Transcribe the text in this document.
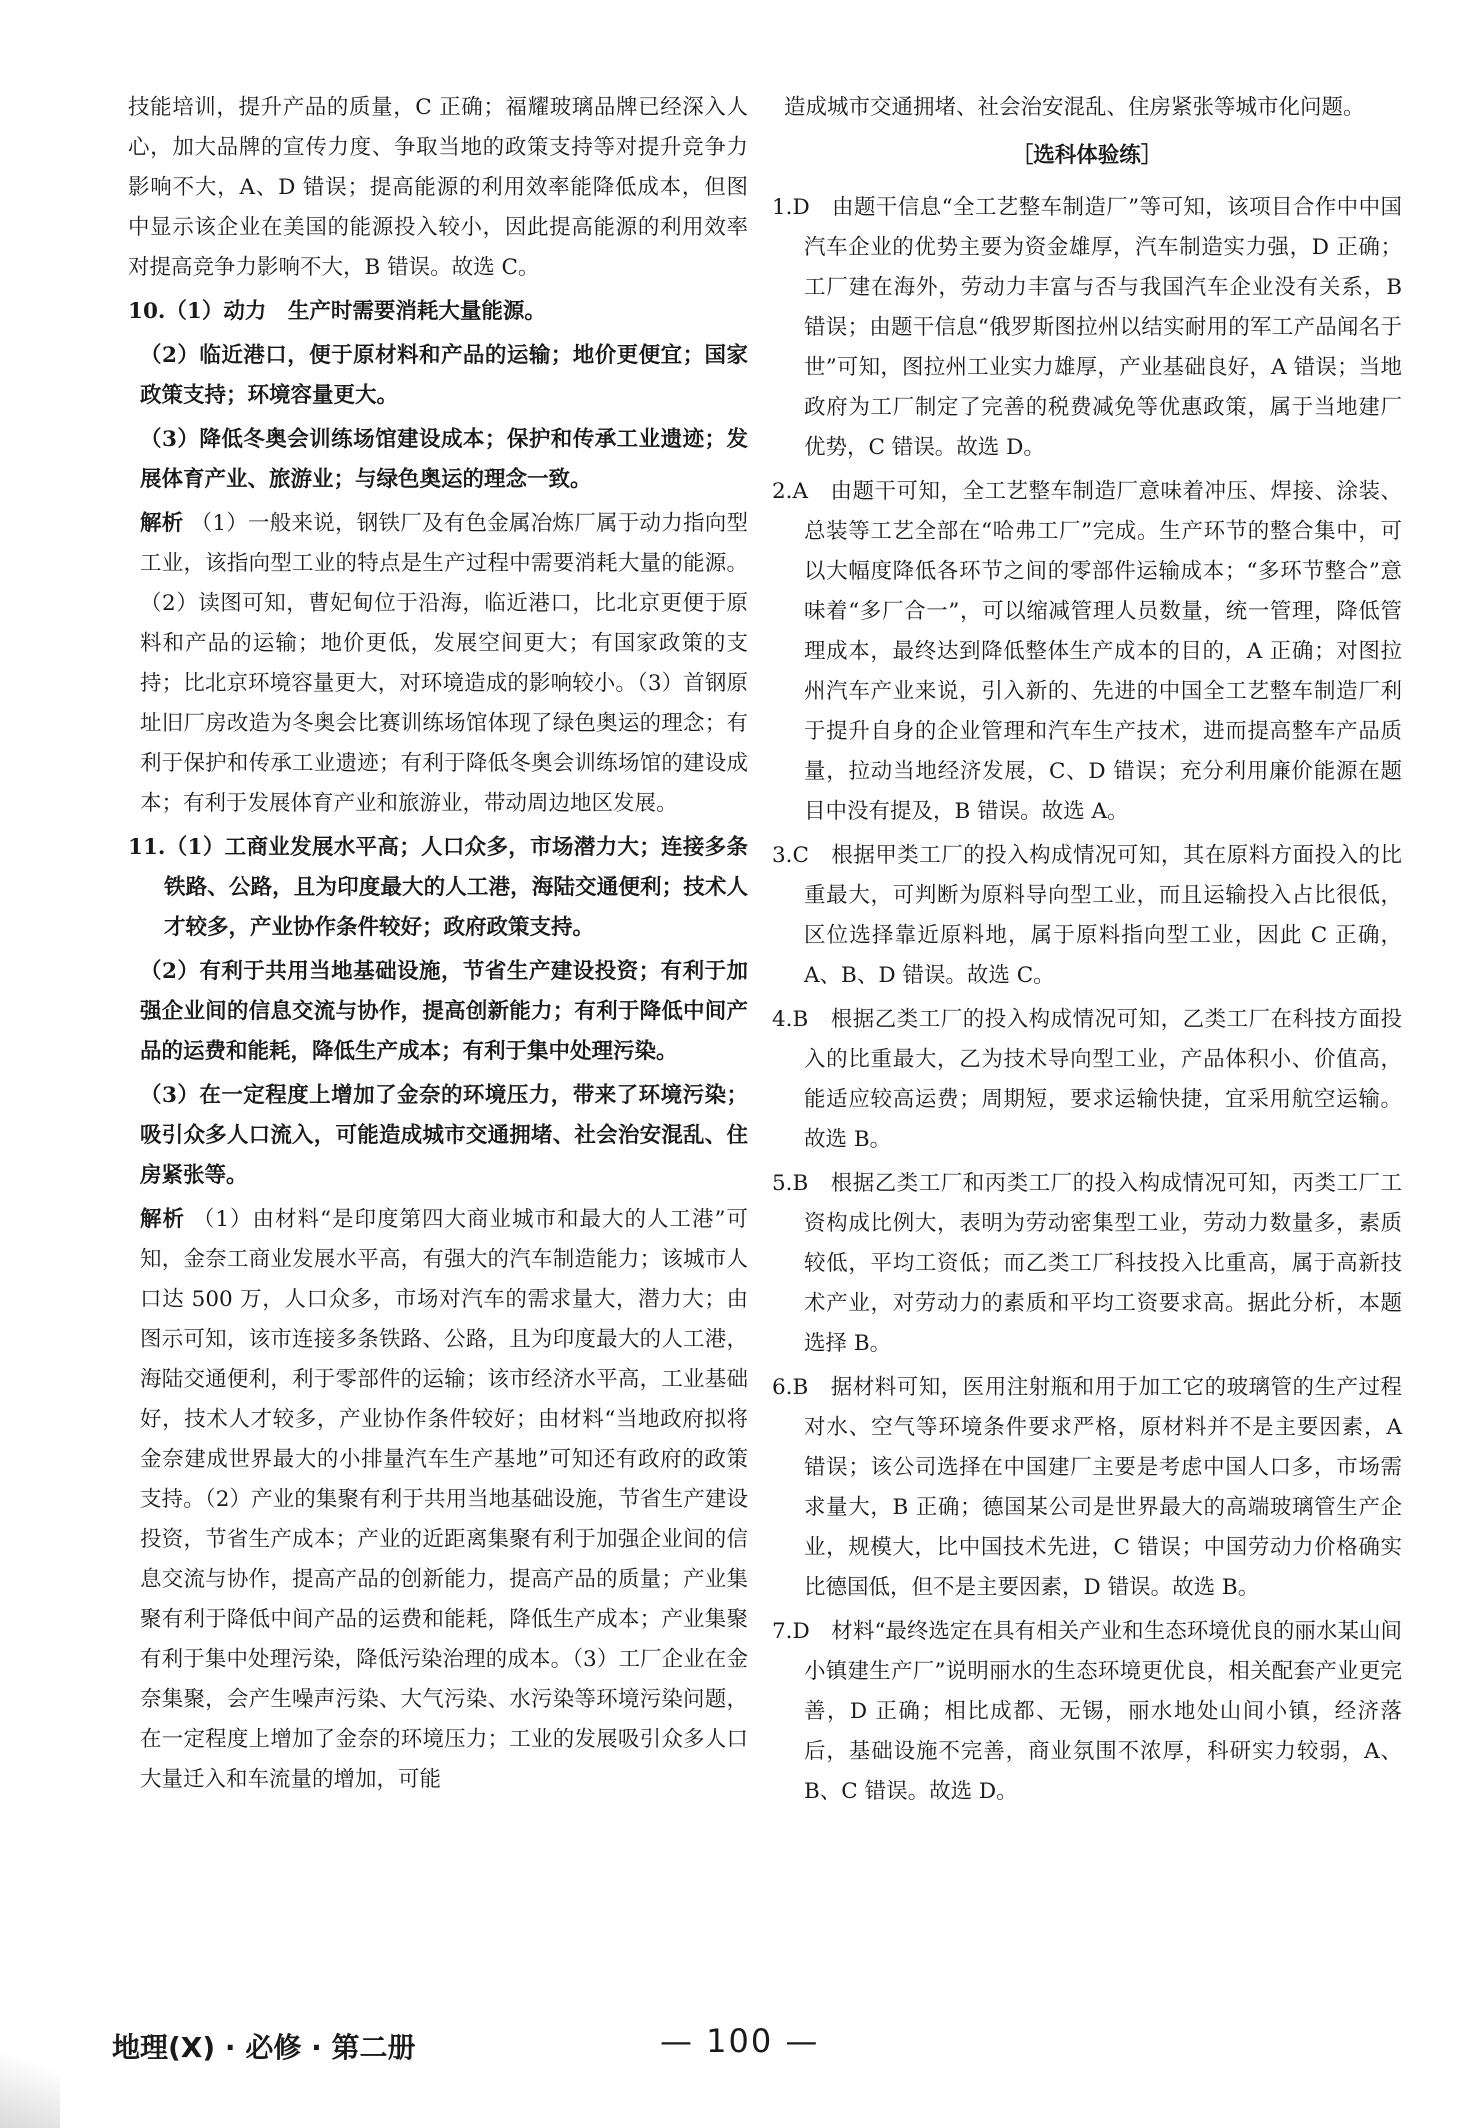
技能培训，提升产品的质量，C 正确；福耀玻璃品牌已经深入人心，加大品牌的宣传力度、争取当地的政策支持等对提升竞争力影响不大，A、D 错误；提高能源的利用效率能降低成本，但图中显示该企业在美国的能源投入较小，因此提高能源的利用效率对提高竞争力影响不大，B 错误。故选 C。
10.（1）动力　生产时需要消耗大量能源。
（2）临近港口，便于原材料和产品的运输；地价更便宜；国家政策支持；环境容量更大。
（3）降低冬奥会训练场馆建设成本；保护和传承工业遗迹；发展体育产业、旅游业；与绿色奥运的理念一致。
解析 （1）一般来说，钢铁厂及有色金属冶炼厂属于动力指向型工业，该指向型工业的特点是生产过程中需要消耗大量的能源。（2）读图可知，曹妃甸位于沿海，临近港口，比北京更便于原料和产品的运输；地价更低，发展空间更大；有国家政策的支持；比北京环境容量更大，对环境造成的影响较小。（3）首钢原址旧厂房改造为冬奥会比赛训练场馆体现了绿色奥运的理念；有利于保护和传承工业遗迹；有利于降低冬奥会训练场馆的建设成本；有利于发展体育产业和旅游业，带动周边地区发展。
11.（1）工商业发展水平高；人口众多，市场潜力大；连接多条铁路、公路，且为印度最大的人工港，海陆交通便利；技术人才较多，产业协作条件较好；政府政策支持。
（2）有利于共用当地基础设施，节省生产建设投资；有利于加强企业间的信息交流与协作，提高创新能力；有利于降低中间产品的运费和能耗，降低生产成本；有利于集中处理污染。
（3）在一定程度上增加了金奈的环境压力，带来了环境污染；吸引众多人口流入，可能造成城市交通拥堵、社会治安混乱、住房紧张等。
解析 （1）由材料“是印度第四大商业城市和最大的人工港”可知，金奈工商业发展水平高，有强大的汽车制造能力；该城市人口达 500 万，人口众多，市场对汽车的需求量大，潜力大；由图示可知，该市连接多条铁路、公路，且为印度最大的人工港，海陆交通便利，利于零部件的运输；该市经济水平高，工业基础好，技术人才较多，产业协作条件较好；由材料“当地政府拟将金奈建成世界最大的小排量汽车生产基地”可知还有政府的政策支持。（2）产业的集聚有利于共用当地基础设施，节省生产建设投资，节省生产成本；产业的近距离集聚有利于加强企业间的信息交流与协作，提高产品的创新能力，提高产品的质量；产业集聚有利于降低中间产品的运费和能耗，降低生产成本；产业集聚有利于集中处理污染，降低污染治理的成本。（3）工厂企业在金奈集聚，会产生噪声污染、大气污染、水污染等环境污染问题，在一定程度上增加了金奈的环境压力；工业的发展吸引众多人口大量迁入和车流量的增加，可能
造成城市交通拥堵、社会治安混乱、住房紧张等城市化问题。
［选科体验练］
1.D　由题干信息“全工艺整车制造厂”等可知，该项目合作中中国汽车企业的优势主要为资金雄厚，汽车制造实力强，D 正确；工厂建在海外，劳动力丰富与否与我国汽车企业没有关系，B 错误；由题干信息“俄罗斯图拉州以结实耐用的军工产品闻名于世”可知，图拉州工业实力雄厚，产业基础良好，A 错误；当地政府为工厂制定了完善的税费减免等优惠政策，属于当地建厂优势，C 错误。故选 D。
2.A　由题干可知，全工艺整车制造厂意味着冲压、焊接、涂装、总装等工艺全部在“哈弗工厂”完成。生产环节的整合集中，可以大幅度降低各环节之间的零部件运输成本；“多环节整合”意味着“多厂合一”，可以缩减管理人员数量，统一管理，降低管理成本，最终达到降低整体生产成本的目的，A 正确；对图拉州汽车产业来说，引入新的、先进的中国全工艺整车制造厂利于提升自身的企业管理和汽车生产技术，进而提高整车产品质量，拉动当地经济发展，C、D 错误；充分利用廉价能源在题目中没有提及，B 错误。故选 A。
3.C　根据甲类工厂的投入构成情况可知，其在原料方面投入的比重最大，可判断为原料导向型工业，而且运输投入占比很低，区位选择靠近原料地，属于原料指向型工业，因此 C 正确，A、B、D 错误。故选 C。
4.B　根据乙类工厂的投入构成情况可知，乙类工厂在科技方面投入的比重最大，乙为技术导向型工业，产品体积小、价值高，能适应较高运费；周期短，要求运输快捷，宜采用航空运输。故选 B。
5.B　根据乙类工厂和丙类工厂的投入构成情况可知，丙类工厂工资构成比例大，表明为劳动密集型工业，劳动力数量多，素质较低，平均工资低；而乙类工厂科技投入比重高，属于高新技术产业，对劳动力的素质和平均工资要求高。据此分析，本题选择 B。
6.B　据材料可知，医用注射瓶和用于加工它的玻璃管的生产过程对水、空气等环境条件要求严格，原材料并不是主要因素，A 错误；该公司选择在中国建厂主要是考虑中国人口多，市场需求量大，B 正确；德国某公司是世界最大的高端玻璃管生产企业，规模大，比中国技术先进，C 错误；中国劳动力价格确实比德国低，但不是主要因素，D 错误。故选 B。
7.D　材料“最终选定在具有相关产业和生态环境优良的丽水某山间小镇建生产厂”说明丽水的生态环境更优良，相关配套产业更完善，D 正确；相比成都、无锡，丽水地处山间小镇，经济落后，基础设施不完善，商业氛围不浓厚，科研实力较弱，A、B、C 错误。故选 D。
地理(X) · 必修 · 第二册	— 100 —
